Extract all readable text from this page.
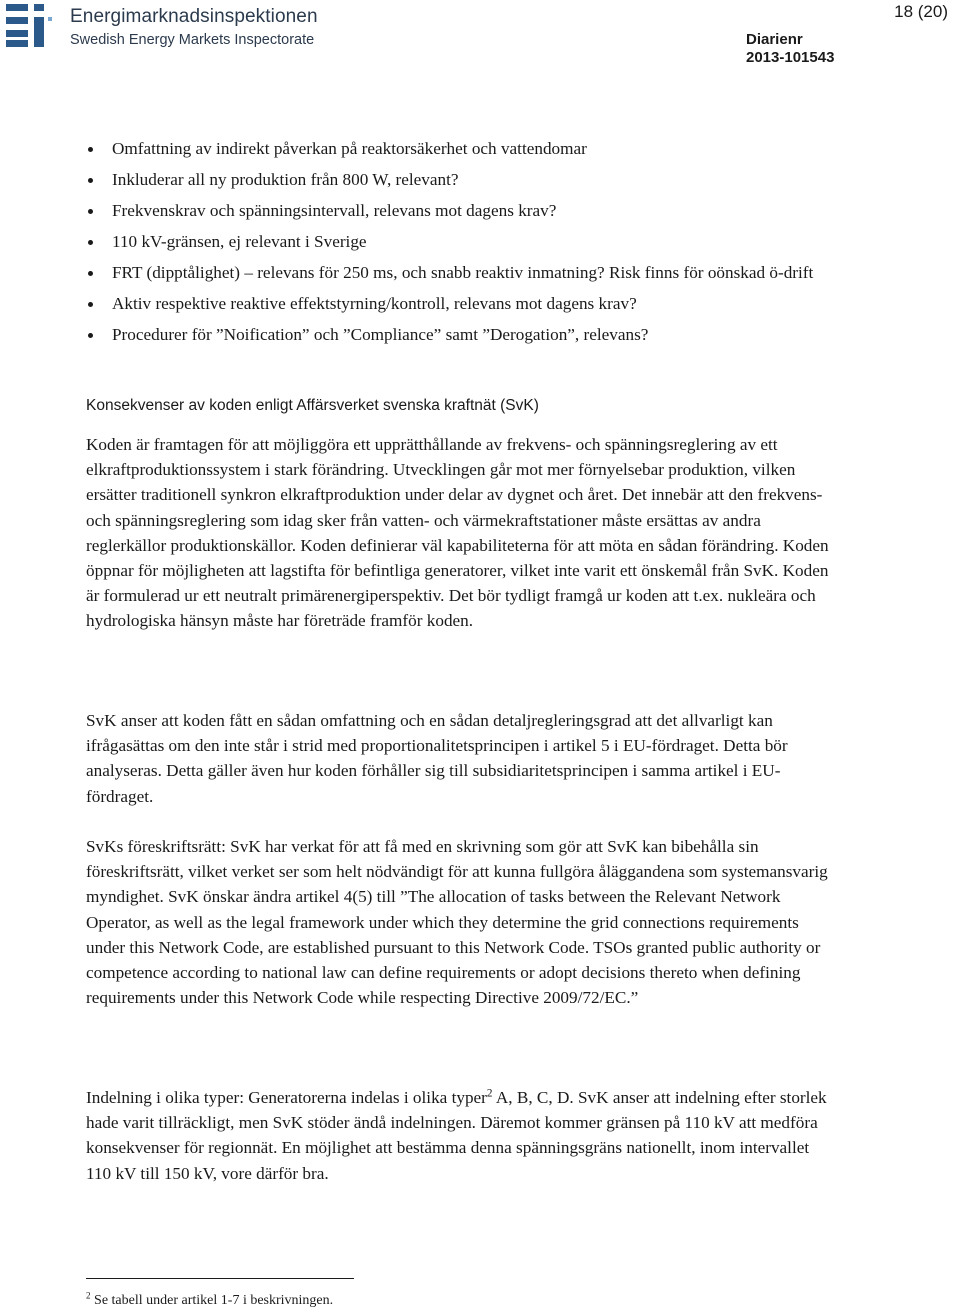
Energimarknadsinspektionen
Swedish Energy Markets Inspectorate
18 (20)
Diarienr
2013-101543
Omfattning av indirekt påverkan på reaktorsäkerhet och vattendomar
Inkluderar all ny produktion från 800 W, relevant?
Frekvenskrav och spänningsintervall, relevans mot dagens krav?
110 kV-gränsen, ej relevant i Sverige
FRT (dipptålighet) – relevans för 250 ms, och snabb reaktiv inmatning? Risk finns för oönskad ö-drift
Aktiv respektive reaktive effektstyrning/kontroll, relevans mot dagens krav?
Procedurer för ”Noification” och ”Compliance” samt ”Derogation”, relevans?
Konsekvenser av koden enligt Affärsverket svenska kraftnät (SvK)

Koden är framtagen för att möjliggöra ett upprätthållande av frekvens- och spänningsreglering av ett elkraftproduktionssystem i stark förändring. Utvecklingen går mot mer förnyelsebar produktion, vilken ersätter traditionell synkron elkraftproduktion under delar av dygnet och året. Det innebär att den frekvens- och spänningsreglering som idag sker från vatten- och värmekraftstationer måste ersättas av andra reglerkällor produktionskällor. Koden definierar väl kapabiliteterna för att möta en sådan förändring. Koden öppnar för möjligheten att lagstifta för befintliga generatorer, vilket inte varit ett önskemål från SvK. Koden är formulerad ur ett neutralt primärenergiperspektiv. Det bör tydligt framgå ur koden att t.ex. nukleära och hydrologiska hänsyn måste har företräde framför koden.

SvK anser att koden fått en sådan omfattning och en sådan detaljregleringsgrad att det allvarligt kan ifrågasättas om den inte står i strid med proportionalitetsprincipen i artikel 5 i EU-fördraget. Detta bör analyseras. Detta gäller även hur koden förhåller sig till subsidiaritetsprincipen i samma artikel i EU-fördraget.

SvKs föreskriftsrätt: SvK har verkat för att få med en skrivning som gör att SvK kan bibehålla sin föreskriftsrätt, vilket verket ser som helt nödvändigt för att kunna fullgöra åläggandena som systemansvarig myndighet. SvK önskar ändra artikel 4(5) till ”The allocation of tasks between the Relevant Network Operator, as well as the legal framework under which they determine the grid connections requirements under this Network Code, are established pursuant to this Network Code. TSOs granted public authority or competence according to national law can define requirements or adopt decisions thereto when defining requirements under this Network Code while respecting Directive 2009/72/EC.”

Indelning i olika typer: Generatorerna indelas i olika typer$^2$ A, B, C, D. SvK anser att indelning efter storlek hade varit tillräckligt, men SvK stöder ändå indelningen. Däremot kommer gränsen på 110 kV att medföra konsekvenser för regionnät. En möjlighet att bestämma denna spänningsgräns nationellt, inom intervallet 110 kV till 150 kV, vore därför bra.

$^2$ Se tabell under artikel 1-7 i beskrivningen.
